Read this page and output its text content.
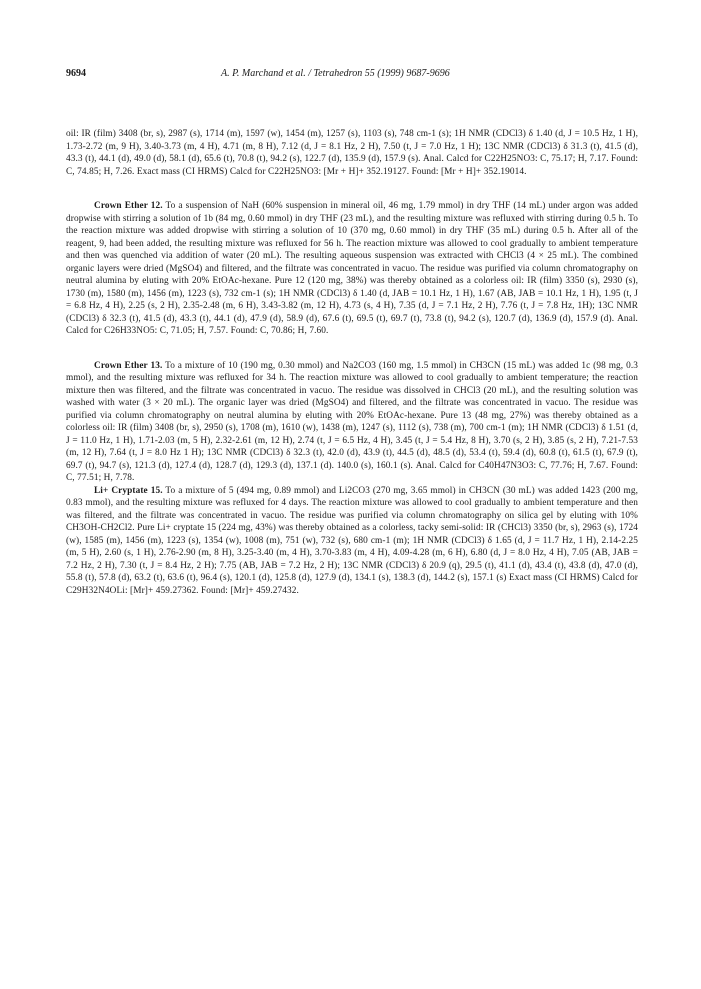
9694	A. P. Marchand et al. / Tetrahedron 55 (1999) 9687-9696

oil: IR (film) 3408 (br, s), 2987 (s), 1714 (m), 1597 (w), 1454 (m), 1257 (s), 1103 (s), 748 cm-1 (s); 1H NMR (CDCl3) δ 1.40 (d, J = 10.5 Hz, 1 H), 1.73-2.72 (m, 9 H), 3.40-3.73 (m, 4 H), 4.71 (m, 8 H), 7.12 (d, J = 8.1 Hz, 2 H), 7.50 (t, J = 7.0 Hz, 1 H); 13C NMR (CDCl3) δ 31.3 (t), 41.5 (d), 43.3 (t), 44.1 (d), 49.0 (d), 58.1 (d), 65.6 (t), 70.8 (t), 94.2 (s), 122.7 (d), 135.9 (d), 157.9 (s). Anal. Calcd for C22H25NO3: C, 75.17; H, 7.17. Found: C, 74.85; H, 7.26. Exact mass (CI HRMS) Calcd for C22H25NO3: [Mr + H]+ 352.19127. Found: [Mr + H]+ 352.19014.

Crown Ether 12. To a suspension of NaH (60% suspension in mineral oil, 46 mg, 1.79 mmol) in dry THF (14 mL) under argon was added dropwise with stirring a solution of 1b (84 mg, 0.60 mmol) in dry THF (23 mL), and the resulting mixture was refluxed with stirring during 0.5 h. To the reaction mixture was added dropwise with stirring a solution of 10 (370 mg, 0.60 mmol) in dry THF (35 mL) during 0.5 h. After all of the reagent, 9, had been added, the resulting mixture was refluxed for 56 h. The reaction mixture was allowed to cool gradually to ambient temperature and then was quenched via addition of water (20 mL). The resulting aqueous suspension was extracted with CHCl3 (4 × 25 mL). The combined organic layers were dried (MgSO4) and filtered, and the filtrate was concentrated in vacuo. The residue was purified via column chromatography on neutral alumina by eluting with 20% EtOAc-hexane. Pure 12 (120 mg, 38%) was thereby obtained as a colorless oil: IR (film) 3350 (s), 2930 (s), 1730 (m), 1580 (m), 1456 (m), 1223 (s), 732 cm-1 (s); 1H NMR (CDCl3) δ 1.40 (d, JAB = 10.1 Hz, 1 H), 1.67 (AB, JAB = 10.1 Hz, 1 H), 1.95 (t, J = 6.8 Hz, 4 H), 2.25 (s, 2 H), 2.35-2.48 (m, 6 H), 3.43-3.82 (m, 12 H), 4.73 (s, 4 H), 7.35 (d, J = 7.1 Hz, 2 H), 7.76 (t, J = 7.8 Hz, 1H); 13C NMR (CDCl3) δ 32.3 (t), 41.5 (d), 43.3 (t), 44.1 (d), 47.9 (d), 58.9 (d), 67.6 (t), 69.5 (t), 69.7 (t), 73.8 (t), 94.2 (s), 120.7 (d), 136.9 (d), 157.9 (d). Anal. Calcd for C26H33NO5: C, 71.05; H, 7.57. Found: C, 70.86; H, 7.60.

Crown Ether 13. To a mixture of 10 (190 mg, 0.30 mmol) and Na2CO3 (160 mg, 1.5 mmol) in CH3CN (15 mL) was added 1c (98 mg, 0.3 mmol), and the resulting mixture was refluxed for 34 h. The reaction mixture was allowed to cool gradually to ambient temperature; the reaction mixture then was filtered, and the filtrate was concentrated in vacuo. The residue was dissolved in CHCl3 (20 mL), and the resulting solution was washed with water (3 × 20 mL). The organic layer was dried (MgSO4) and filtered, and the filtrate was concentrated in vacuo. The residue was purified via column chromatography on neutral alumina by eluting with 20% EtOAc-hexane. Pure 13 (48 mg, 27%) was thereby obtained as a colorless oil: IR (film) 3408 (br, s), 2950 (s), 1708 (m), 1610 (w), 1438 (m), 1247 (s), 1112 (s), 738 (m), 700 cm-1 (m); 1H NMR (CDCl3) δ 1.51 (d, J = 11.0 Hz, 1 H), 1.71-2.03 (m, 5 H), 2.32-2.61 (m, 12 H), 2.74 (t, J = 6.5 Hz, 4 H), 3.45 (t, J = 5.4 Hz, 8 H), 3.70 (s, 2 H), 3.85 (s, 2 H), 7.21-7.53 (m, 12 H), 7.64 (t, J = 8.0 Hz 1 H); 13C NMR (CDCl3) δ 32.3 (t), 42.0 (d), 43.9 (t), 44.5 (d), 48.5 (d), 53.4 (t), 59.4 (d), 60.8 (t), 61.5 (t), 67.9 (t), 69.7 (t), 94.7 (s), 121.3 (d), 127.4 (d), 128.7 (d), 129.3 (d), 137.1 (d). 140.0 (s), 160.1 (s). Anal. Calcd for C40H47N3O3: C, 77.76; H, 7.67. Found: C, 77.51; H, 7.78.

Li+ Cryptate 15. To a mixture of 5 (494 mg, 0.89 mmol) and Li2CO3 (270 mg, 3.65 mmol) in CH3CN (30 mL) was added 1423 (200 mg, 0.83 mmol), and the resulting mixture was refluxed for 4 days. The reaction mixture was allowed to cool gradually to ambient temperature and then was filtered, and the filtrate was concentrated in vacuo. The residue was purified via column chromatography on silica gel by eluting with 10% CH3OH-CH2Cl2. Pure Li+ cryptate 15 (224 mg, 43%) was thereby obtained as a colorless, tacky semi-solid: IR (CHCl3) 3350 (br, s), 2963 (s), 1724 (w), 1585 (m), 1456 (m), 1223 (s), 1354 (w), 1008 (m), 751 (w), 732 (s), 680 cm-1 (m); 1H NMR (CDCl3) δ 1.65 (d, J = 11.7 Hz, 1 H), 2.14-2.25 (m, 5 H), 2.60 (s, 1 H), 2.76-2.90 (m, 8 H), 3.25-3.40 (m, 4 H), 3.70-3.83 (m, 4 H), 4.09-4.28 (m, 6 H), 6.80 (d, J = 8.0 Hz, 4 H), 7.05 (AB, JAB = 7.2 Hz, 2 H), 7.30 (t, J = 8.4 Hz, 2 H); 7.75 (AB, JAB = 7.2 Hz, 2 H); 13C NMR (CDCl3) δ 20.9 (q), 29.5 (t), 41.1 (d), 43.4 (t), 43.8 (d), 47.0 (d), 55.8 (t), 57.8 (d), 63.2 (t), 63.6 (t), 96.4 (s), 120.1 (d), 125.8 (d), 127.9 (d), 134.1 (s), 138.3 (d), 144.2 (s), 157.1 (s) Exact mass (CI HRMS) Calcd for C29H32N4OLi: [Mr]+ 459.27362. Found: [Mr]+ 459.27432.
